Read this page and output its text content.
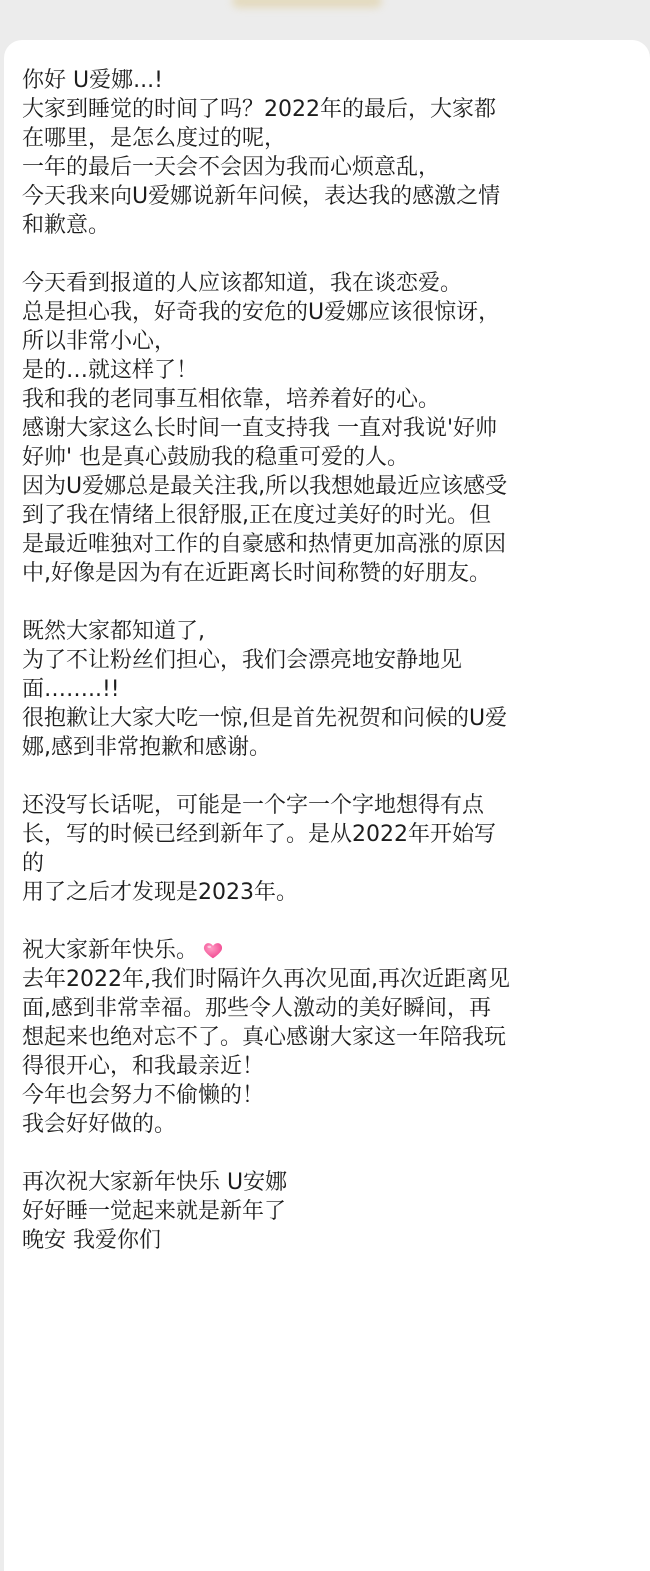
你好 U爱娜...!
大家到睡觉的时间了吗？2022年的最后，大家都
在哪里，是怎么度过的呢，
一年的最后一天会不会因为我而心烦意乱，
今天我来向U爱娜说新年问候，表达我的感激之情
和歉意。
今天看到报道的人应该都知道，我在谈恋爱。
总是担心我，好奇我的安危的U爱娜应该很惊讶，
所以非常小心，
是的…就这样了！
我和我的老同事互相依靠，培养着好的心。
感谢大家这么长时间一直支持我 一直对我说'好帅
好帅' 也是真心鼓励我的稳重可爱的人。
因为U爱娜总是最关注我,所以我想她最近应该感受
到了我在情绪上很舒服,正在度过美好的时光。但
是最近唯独对工作的自豪感和热情更加高涨的原因
中,好像是因为有在近距离长时间称赞的好朋友。
既然大家都知道了,
为了不让粉丝们担心，我们会漂亮地安静地见
面……..!!
很抱歉让大家大吃一惊,但是首先祝贺和问候的U爱
娜,感到非常抱歉和感谢。
还没写长话呢，可能是一个字一个字地想得有点
长，写的时候已经到新年了。是从2022年开始写
的
用了之后才发现是2023年。
祝大家新年快乐。
去年2022年,我们时隔许久再次见面,再次近距离见
面,感到非常幸福。那些令人激动的美好瞬间，再
想起来也绝对忘不了。真心感谢大家这一年陪我玩
得很开心，和我最亲近！
今年也会努力不偷懒的！
我会好好做的。
再次祝大家新年快乐 U安娜
好好睡一觉起来就是新年了
晚安 我爱你们
